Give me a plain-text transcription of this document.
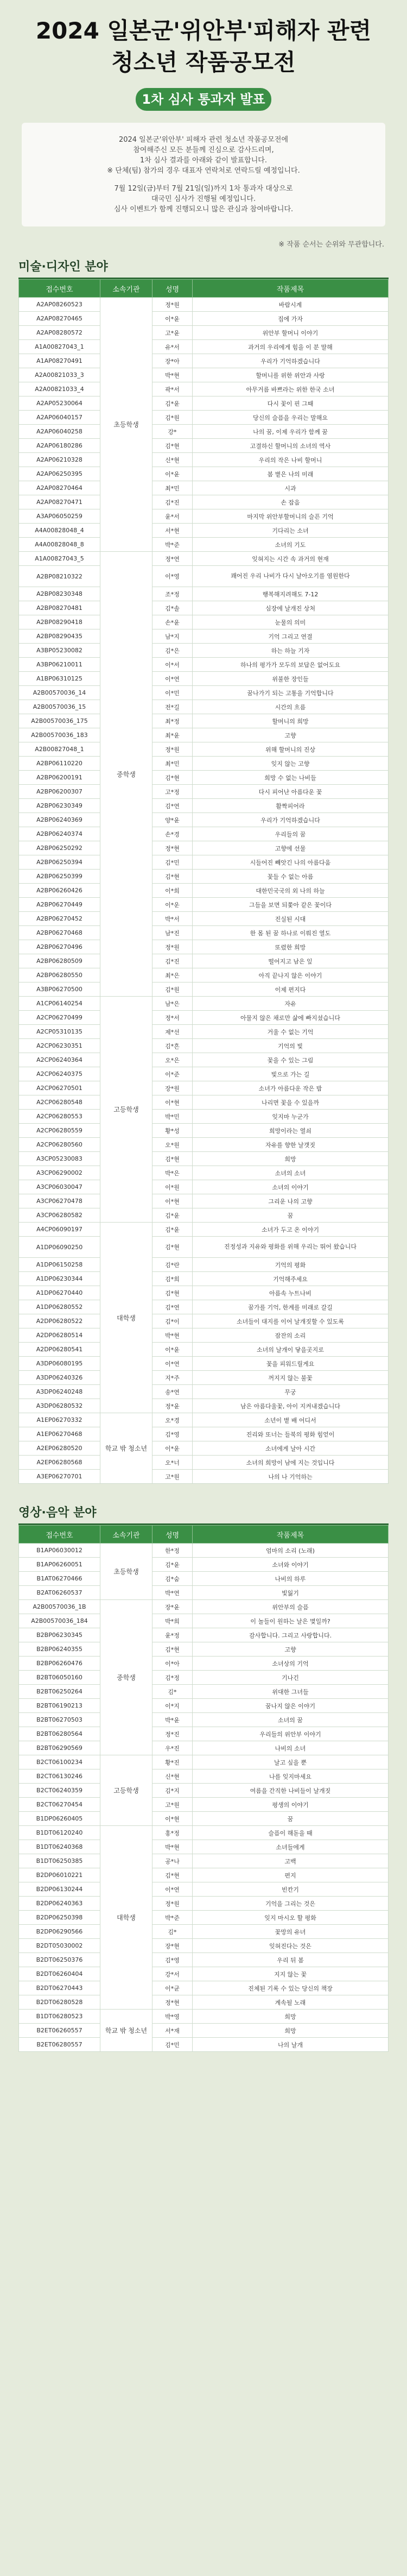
2024 일본군'위안부'피해자 관련
청소년 작품공모전
1차 심사 통과자 발표

2024 일본군'위안부' 피해자 관련 청소년 작품공모전에
참여해주신 모든 분들께 진심으로 감사드리며,
1차 심사 결과를 아래와 같이 발표합니다.
※ 단체(팀) 참가의 경우 대표자 연락처로 연락드릴 예정입니다.

7월 12일(금)부터 7월 21일(일)까지 1차 통과자 대상으로
대국민 심사가 진행될 예정입니다.
심사 이벤트가 함께 진행되오니 많은 관심과 참여바랍니다.

※ 작품 순서는 순위와 무관합니다.
미술·디자인 분야
접수번호	소속기관	성명	작품제목
A2AP08260523	초등학생	정*원	바람시계
A2AP08270465		이*윤	집에 가자
A2AP08280572		고*윤	위안부 할머니 이야기
A1A00827043_1		유*서	과거의 우리에게 힘을 이 분 말해
A1AP08270491		장*아	우리가 기억하겠습니다
A2A00821033_3		박*현	할머니를 위한 위안과 사랑
A2A00821033_4		곽*서	아무거름 바쁘라는 위한 한국 소녀
A2AP05230064		김*윤	다시 꽃이 핀 그때
A2AP06040157		김*원	당신의 슬픔을 우리는 말해요
A2AP06040258		강*	나의 꿈, 이제 우리가 함께 꿈
A2AP06180286		김*현	고결하신 할머니의 소녀의 역사
A2AP06210328		신*현	우리의 작은 나비 할머니
A2AP06250395		이*윤	봄 볕은 나의 미래
A2AP08270464		최*민	시과
A2AP08270471		김*진	손 잡음
A3AP06050259		윤*서	마지막 위안부할머니의 슬픈 기억
A4A00828048_4		서*현	기다리는 소녀
A4A00828048_8		박*준	소녀의 기도
A1A00827043_5	중학생	정*연	잊혀지는 시간 속 과거의 현재
A2BP08210322		이*영	꽤어진 우리 나비가 다시 날아오기를 염원한다
A2BP08230348		조*정	행복해지려해도 7-12
A2BP08270481		김*솔	심장에 날개진 상처
A2BP08290418		손*윤	눈물의 의미
A2BP08290435		남*지	기억 그리고 연결
A3BP05230082		김*은	하는 하늘 기자
A3BP06210011		이*서	하나의 평가가 모두의 보답은 없어도요
A1BP06310125		이*연	위불한 장인들
A2B00570036_14		이*민	꿈나가기 되는 고통을 기억합니다
A2B00570036_15		전*길	시간의 흐름
A2B00570036_175		최*정	할머니의 희망
A2B00570036_183		최*윤	고향
A2B00827048_1		정*원	위해 할머니의 진상
A2BP06110220		최*민	잊지 않는 고향
A2BP06200191		김*현	희망 수 없는 나비들
A2BP06200307		고*정	다시 피어난 아름다운 꽃
A2BP06230349		김*연	활짝피어라
A2BP06240369		양*윤	우리가 기억하겠습니다
A2BP06240374		손*경	우리들의 꿈
A2BP06250292		정*현	고향에 선물
A2BP06250394		김*민	시들어진 빼앗긴 나의 아름다움
A2BP06250399		김*현	꽃들 수 없는 아름
A2BP06260426		이*희	대한민국국의 외 나의 하늘
A2BP06270449		이*운	그들을 보면 되쫓아 같은 꽃이다
A2BP06270452		박*서	진실된 시대
A2BP06270468		남*진	한 몸 된 꿈 하나로 이뤄진 열도
A2BP06270496		정*원	또렸한 희망
A2BP06280509		김*진	떨어지고 남은 잎
A2BP06280550		최*은	아직 끝나지 않은 이야기
A3BP06270500		김*원	이제 편지다
A1CP06140254	고등학생	남*은	자유
A2CP06270499		정*서	아물지 않은 채로만 삶에 빠지셨습니다
A2CP05310135		제*선	거울 수 없는 기억
A2CP06230351		김*흔	기억의 빛
A2CP06240364		오*은	꽃을 수 있는 그림
A2CP06240375		이*준	빛으로 가는 길
A2CP06270501		장*원	소녀가 아름다운 작은 밤
A2CP06280548		이*현	나리면 꽃을 수 있을까
A2CP06280553		박*민	잊지마 누군가
A2CP06280559		황*성	희망이라는 열쇠
A2CP06280560		오*원	자유를 향한 날갯짓
A3CP05230083		김*현	희망
A3CP06290002		박*은	소녀의 소녀
A3CP06030047		이*원	소녀의 이야기
A3CP06270478		이*현	그리운 나의 고향
A3CP06280582		김*윤	꿈
A4CP06090197	대학생	김*윤	소녀가 두고 온 이야기
A1DP06090250		김*현	진정성과 지유와 평화를 위해 우리는 뛰어 왔습니다
A1DP06150258		김*란	기억의 평화
A1DP06230344		김*희	기억해주세요
A1DP06270440		김*현	아름속 누트나비
A1DP06280552		김*연	꿈가를 기억, 한계를 미래로 갈길
A2DP06280522		김*이	소녀들이 대지를 이어 날개짓할 수 있도록
A2DP06280514		박*현	잠잔의 소리
A2DP06280541		이*윤	소녀의 날개이 닿을곳지로
A3DP06080195		이*연	꽃을 피워드릴게요
A3DP06240326		지*주	꺼지지 않는 불꽃
A3DP06240248		송*연	무궁
A3DP06280532		정*윤	남은 아름다울꽃, 아이 지켜내겠습니다
A1EP06270332	학교 밖 청소년	오*경	소년이 볕 배 어디서
A1EP06270468		김*영	진리와 또너는 들북의 평화 힘얻이
A2EP06280520		이*윤	소녀에게 날아 시간
A2EP06280568		오*너	소녀의 희망이 남에 지는 것입니다
A3EP06270701		고*원	나의 나 기억하는
영상·음악 분야
접수번호	소속기관	성명	작품제목
B1AP06030012	초등학생	한*정	엄마의 소리 (노래)
B1AP06260051		김*윤	소녀와 이야기
B1AT06270466		김*숨	나비의 하루
B2AT06260537		박*연	빛잃기
A2B00570036_1B	중학생	장*윤	위안부의 슬픔
A2B00570036_184		박*희	이 놀들이 원하는 날은 몇일까?
B2BP06230345		윤*정	감사합니다. 그리고 사랑합니다.
B2BP06240355		김*현	고향
B2BP06260476		이*아	소녀상의 기억
B2BT06050160		김*정	기나긴
B2BT06250264		김*	위대한 그녀들
B2BT06190213		이*지	꿈나지 않은 이야기
B2BT06270503		박*윤	소녀의 꿈
B2BT06280564		정*진	우리들의 위안부 이야기
B2BT06290569		우*진	나비의 소녀
B2CT06100234	고등학생	황*진	날고 싶을 뿐
B2CT06130246		신*현	나를 잊지마세요
B2CT06240359		김*지	여름을 간직한 나비들이 날개짓
B2CT06270454		고*원	평생의 이야기
B1DP06260405		이*현	꿈
B1DT06120240	대학생	홍*정	슬픔이 해돋을 때
B1DT06240368		박*현	소녀들에게
B1DT06250385		공*나	고백
B2DP06010221		김*현	편지
B2DP06130244		이*연	빈칸기
B2DP06240363		정*원	기억을 그리는 것은
B2DP06250398		박*준	잊지 마시오 할 평화
B2DP06290566		김*	꽃망의 유녀
B2DT05030002		장*현	잊혀진다는 것은
B2DT06250376		김*영	우리 뒤 봄
B2DT06260404		강*서	지지 않는 꽃
B2DT06270443		이*균	진체된 기록 수 있는 당신의 책장
B2DT06280528		정*현	계속될 노래
B1DT06280523	학교 밖 청소년	박*영	희망
B2ET06260557		서*재	희망
B2ET06280557		김*민	나의 날개
